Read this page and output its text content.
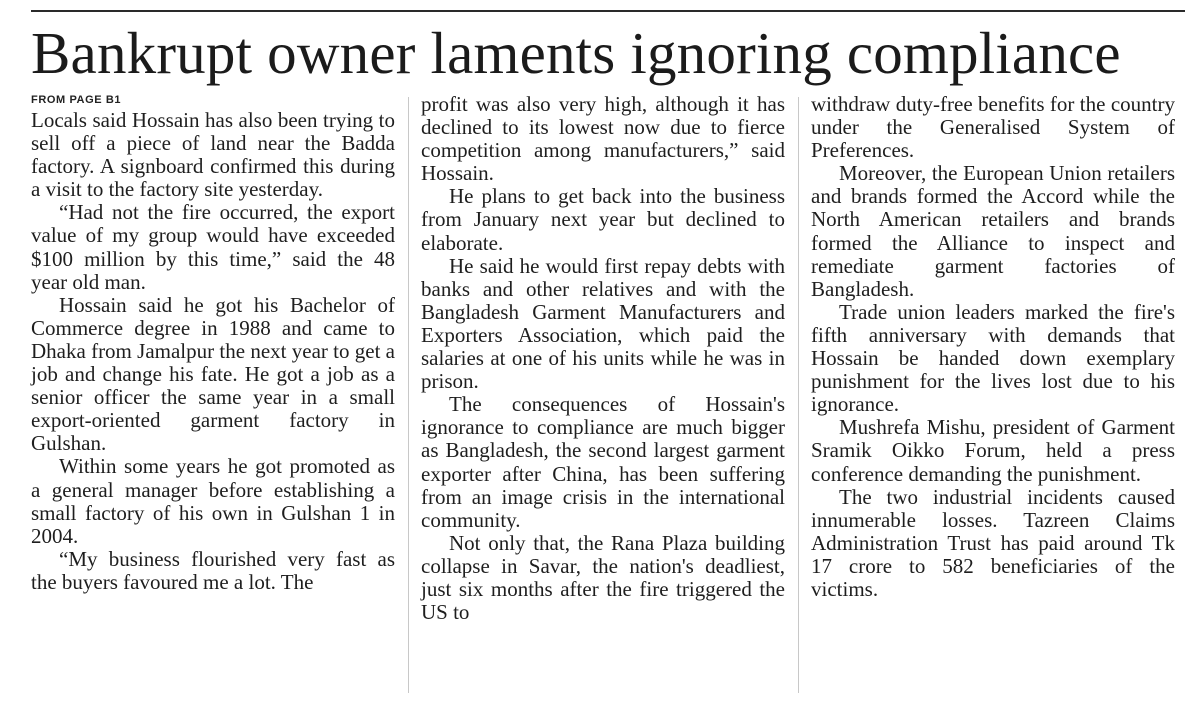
Bankrupt owner laments ignoring compliance
FROM PAGE B1

Locals said Hossain has also been trying to sell off a piece of land near the Badda factory. A signboard confirmed this during a visit to the factory site yesterday.

“Had not the fire occurred, the export value of my group would have exceeded $100 million by this time,” said the 48 year old man.

Hossain said he got his Bachelor of Commerce degree in 1988 and came to Dhaka from Jamalpur the next year to get a job and change his fate. He got a job as a senior officer the same year in a small export-oriented garment factory in Gulshan.

Within some years he got promoted as a general manager before establishing a small factory of his own in Gulshan 1 in 2004.

“My business flourished very fast as the buyers favoured me a lot. The

profit was also very high, although it has declined to its lowest now due to fierce competition among manufacturers,” said Hossain.

He plans to get back into the business from January next year but declined to elaborate.

He said he would first repay debts with banks and other relatives and with the Bangladesh Garment Manufacturers and Exporters Association, which paid the salaries at one of his units while he was in prison.

The consequences of Hossain's ignorance to compliance are much bigger as Bangladesh, the second largest garment exporter after China, has been suffering from an image crisis in the international community.

Not only that, the Rana Plaza building collapse in Savar, the nation's deadliest, just six months after the fire triggered the US to

withdraw duty-free benefits for the country under the Generalised System of Preferences.

Moreover, the European Union retailers and brands formed the Accord while the North American retailers and brands formed the Alliance to inspect and remediate garment factories of Bangladesh.

Trade union leaders marked the fire's fifth anniversary with demands that Hossain be handed down exemplary punishment for the lives lost due to his ignorance.

Mushrefa Mishu, president of Garment Sramik Oikko Forum, held a press conference demanding the punishment.

The two industrial incidents caused innumerable losses. Tazreen Claims Administration Trust has paid around Tk 17 crore to 582 beneficiaries of the victims.
